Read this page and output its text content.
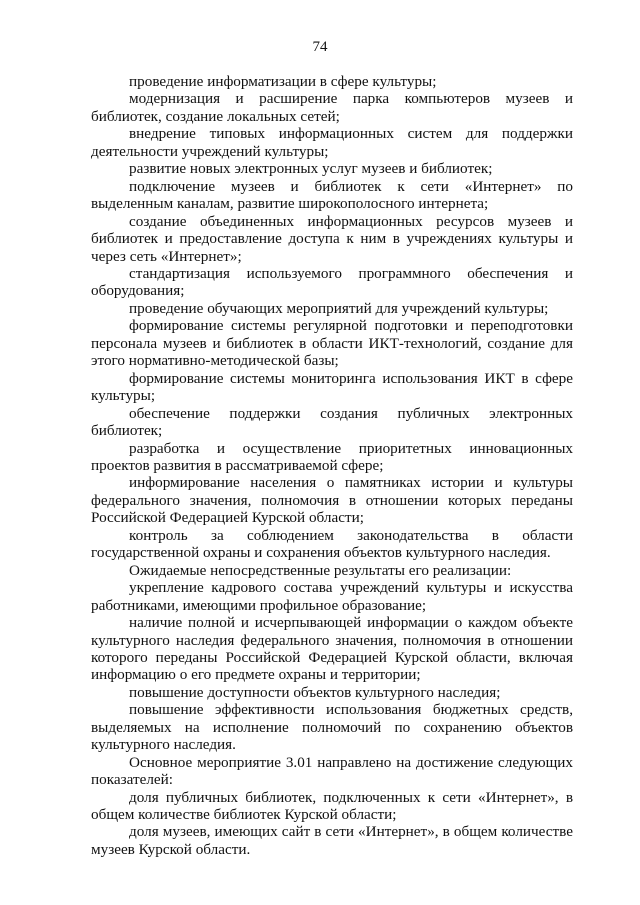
74

проведение информатизации в сфере культуры;

модернизация и расширение парка компьютеров музеев и библиотек, создание локальных сетей;

внедрение типовых информационных систем для поддержки деятельности учреждений культуры;

развитие новых электронных услуг музеев и библиотек;

подключение музеев и библиотек к сети «Интернет» по выделенным каналам, развитие широкополосного интернета;

создание объединенных информационных ресурсов музеев и библиотек и предоставление доступа к ним в учреждениях культуры и через сеть «Интернет»;

стандартизация используемого программного обеспечения и оборудования;

проведение обучающих мероприятий для учреждений культуры;

формирование системы регулярной подготовки и переподготовки персонала музеев и библиотек в области ИКТ-технологий, создание для этого нормативно-методической базы;

формирование системы мониторинга использования ИКТ в сфере культуры;

обеспечение поддержки создания публичных электронных библиотек;

разработка и осуществление приоритетных инновационных проектов развития в рассматриваемой сфере;

информирование населения о памятниках истории и культуры федерального значения, полномочия в отношении которых переданы Российской Федерацией Курской области;

контроль за соблюдением законодательства в области государственной охраны и сохранения объектов культурного наследия.

Ожидаемые непосредственные результаты его реализации:

укрепление кадрового состава учреждений культуры и искусства работниками, имеющими профильное образование;

наличие полной и исчерпывающей информации о каждом объекте культурного наследия федерального значения, полномочия в отношении которого переданы Российской Федерацией Курской области, включая информацию о его предмете охраны и территории;

повышение доступности объектов культурного наследия;

повышение эффективности использования бюджетных средств, выделяемых на исполнение полномочий по сохранению объектов культурного наследия.

Основное мероприятие 3.01 направлено на достижение следующих показателей:

доля публичных библиотек, подключенных к сети «Интернет», в общем количестве библиотек Курской области;

доля музеев, имеющих сайт в сети «Интернет», в общем количестве музеев Курской области.
